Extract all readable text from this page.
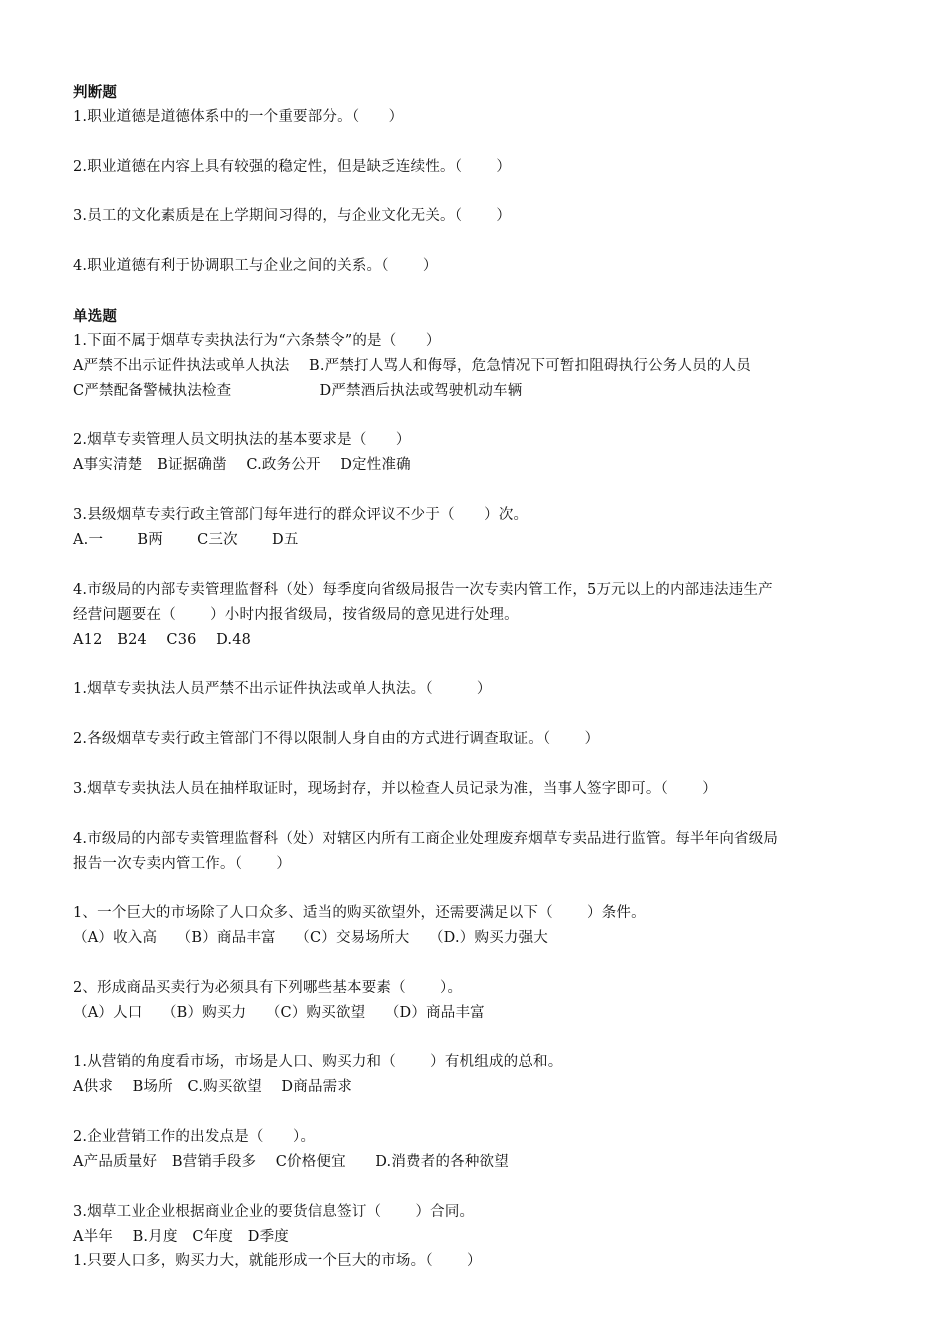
判断题
1.职业道德是道德体系中的一个重要部分。（　　）
2.职业道德在内容上具有较强的稳定性，但是缺乏连续性。（　　 ）
3.员工的文化素质是在上学期间习得的，与企业文化无关。（　　 ）
4.职业道德有利于协调职工与企业之间的关系。（　　 ）
单选题
1.下面不属于烟草专卖执法行为“六条禁令”的是（　　）
A严禁不出示证件执法或单人执法　 B.严禁打人骂人和侮辱，危急情况下可暂扣阻碍执行公务人员的人员
C严禁配备警械执法检查　　　　　　D严禁酒后执法或驾驶机动车辆
2.烟草专卖管理人员文明执法的基本要求是（　　）
A事实清楚　B证据确凿　 C.政务公开　 D定性准确
3.县级烟草专卖行政主管部门每年进行的群众评议不少于（　　）次。
A.一　　 B两　　 C三次　　 D五
4.市级局的内部专卖管理监督科（处）每季度向省级局报告一次专卖内管工作，5万元以上的内部违法违生产
经营问题要在（　　 ）小时内报省级局，按省级局的意见进行处理。
A12　B24　 C36　 D.48
1.烟草专卖执法人员严禁不出示证件执法或单人执法。（　　　）
2.各级烟草专卖行政主管部门不得以限制人身自由的方式进行调查取证。（　　 ）
3.烟草专卖执法人员在抽样取证时，现场封存，并以检查人员记录为准，当事人签字即可。（　　 ）
4.市级局的内部专卖管理监督科（处）对辖区内所有工商企业处理废弃烟草专卖品进行监管。每半年向省级局
报告一次专卖内管工作。（　　 ）
1、一个巨大的市场除了人口众多、适当的购买欲望外，还需要满足以下（　　 ）条件。
（A）收入高　 （B）商品丰富　 （C）交易场所大　 （D.）购买力强大
2、形成商品买卖行为必须具有下列哪些基本要素（　　 ）。
（A）人口　 （B）购买力　 （C）购买欲望　 （D）商品丰富
1.从营销的角度看市场，市场是人口、购买力和（　　 ）有机组成的总和。
A供求　 B场所　C.购买欲望　 D商品需求
2.企业营销工作的出发点是（　　）。
A产品质量好　B营销手段多　 C价格便宜　　D.消费者的各种欲望
3.烟草工业企业根据商业企业的要货信息签订（　　 ）合同。
A半年　 B.月度　C年度　D季度
1.只要人口多，购买力大，就能形成一个巨大的市场。（　　 ）
